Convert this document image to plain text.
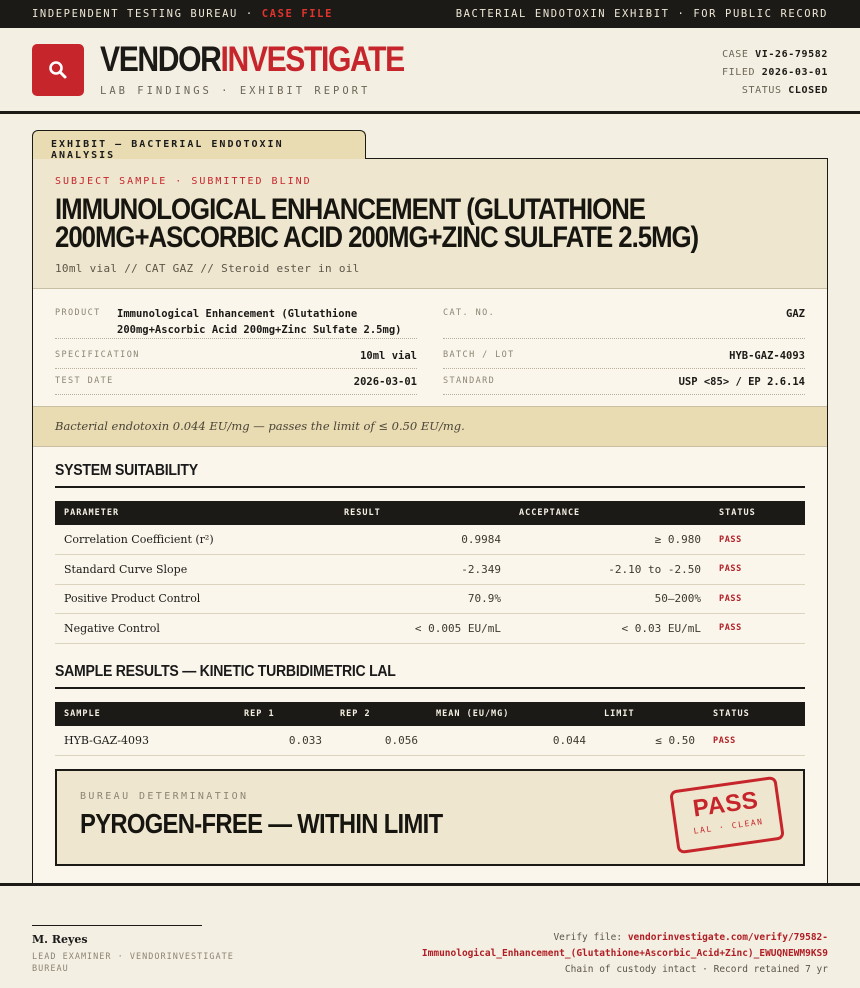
INDEPENDENT TESTING BUREAU · CASE FILE	BACTERIAL ENDOTOXIN EXHIBIT · FOR PUBLIC RECORD
VENDORINVESTIGATE
LAB FINDINGS · EXHIBIT REPORT
CASE VI-26-79582
FILED 2026-03-01
STATUS CLOSED
EXHIBIT — BACTERIAL ENDOTOXIN ANALYSIS
SUBJECT SAMPLE · SUBMITTED BLIND
IMMUNOLOGICAL ENHANCEMENT (GLUTATHIONE 200MG+ASCORBIC ACID 200MG+ZINC SULFATE 2.5MG)
10ml vial // CAT GAZ // Steroid ester in oil
PRODUCT Immunological Enhancement (Glutathione 200mg+Ascorbic Acid 200mg+Zinc Sulfate 2.5mg)
CAT. NO.	GAZ
SPECIFICATION	10ml vial	BATCH / LOT	HYB-GAZ-4093
TEST DATE	2026-03-01	STANDARD	USP <85> / EP 2.6.14
Bacterial endotoxin 0.044 EU/mg — passes the limit of ≤ 0.50 EU/mg.
SYSTEM SUITABILITY
PARAMETER	RESULT	ACCEPTANCE	STATUS
Correlation Coefficient (r²)	0.9984	≥ 0.980	PASS
Standard Curve Slope	-2.349	-2.10 to -2.50	PASS
Positive Product Control	70.9%	50–200%	PASS
Negative Control	< 0.005 EU/mL	< 0.03 EU/mL	PASS
SAMPLE RESULTS — KINETIC TURBIDIMETRIC LAL
SAMPLE	REP 1	REP 2	MEAN (EU/MG)	LIMIT	STATUS
HYB-GAZ-4093	0.033	0.056	0.044	≤ 0.50	PASS
BUREAU DETERMINATION
PYROGEN-FREE — WITHIN LIMIT
PASS
LAL · CLEAN
M. Reyes
LEAD EXAMINER · VENDORINVESTIGATE BUREAU
Verify file: vendorinvestigate.com/verify/79582-
Immunological_Enhancement_(Glutathione+Ascorbic_Acid+Zinc)_EWUQNEWM9KS9
Chain of custody intact · Record retained 7 yr
